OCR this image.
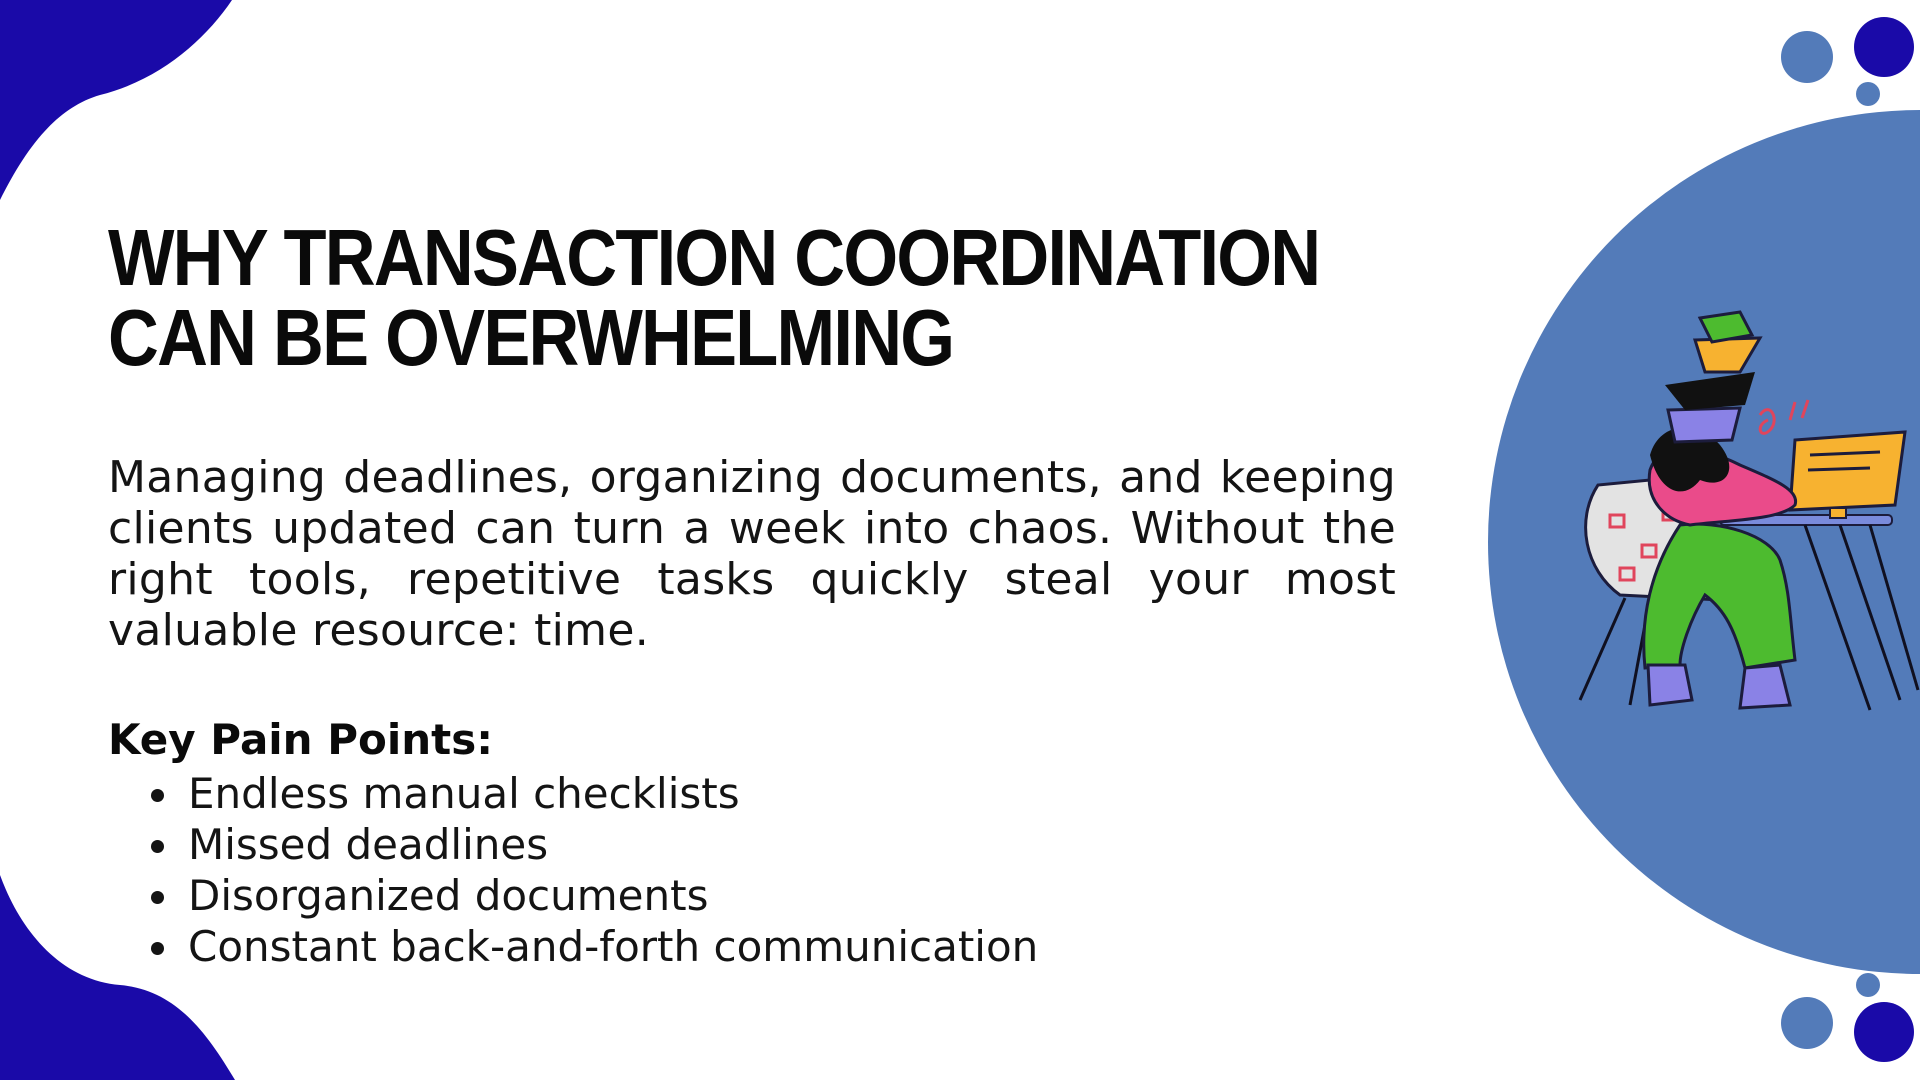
WHY TRANSACTION COORDINATION
CAN BE OVERWHELMING

Managing deadlines, organizing documents, and keeping clients updated can turn a week into chaos. Without the right tools, repetitive tasks quickly steal your most valuable resource: time.

Key Pain Points:

Endless manual checklists
Missed deadlines
Disorganized documents
Constant back-and-forth communication
